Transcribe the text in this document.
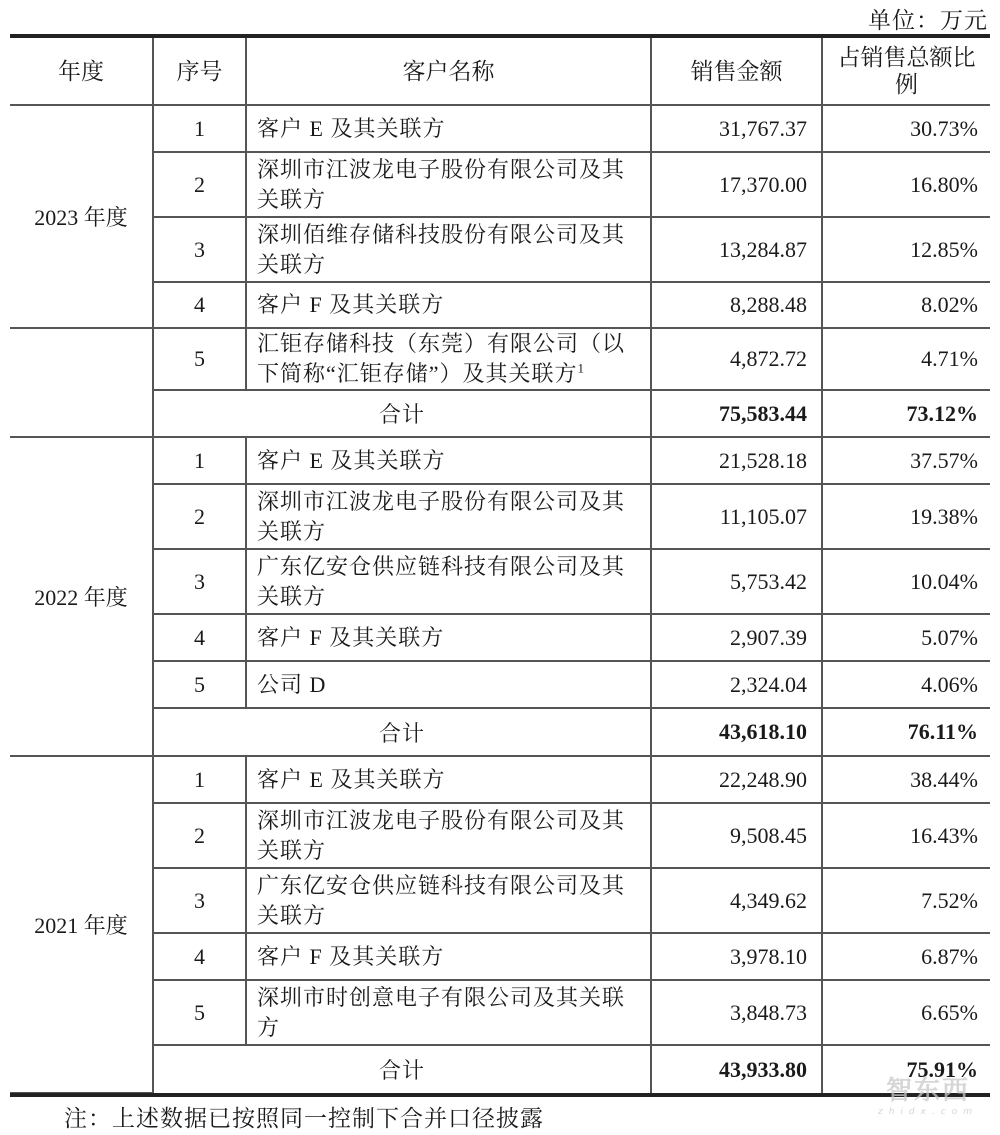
单位：万元
年度	序号	客户名称	销售金额	占销售总额比例
2023 年度	1	客户 E 及其关联方	31,767.37	30.73%
	2	深圳市江波龙电子股份有限公司及其关联方	17,370.00	16.80%
	3	深圳佰维存储科技股份有限公司及其关联方	13,284.87	12.85%
	4	客户 F 及其关联方	8,288.48	8.02%
	5	汇钜存储科技（东莞）有限公司（以下简称“汇钜存储”）及其关联方$^1$	4,872.72	4.71%
	合计		75,583.44	73.12%
2022 年度	1	客户 E 及其关联方	21,528.18	37.57%
	2	深圳市江波龙电子股份有限公司及其关联方	11,105.07	19.38%
	3	广东亿安仓供应链科技有限公司及其关联方	5,753.42	10.04%
	4	客户 F 及其关联方	2,907.39	5.07%
	5	公司 D	2,324.04	4.06%
	合计		43,618.10	76.11%
2021 年度	1	客户 E 及其关联方	22,248.90	38.44%
	2	深圳市江波龙电子股份有限公司及其关联方	9,508.45	16.43%
	3	广东亿安仓供应链科技有限公司及其关联方	4,349.62	7.52%
	4	客户 F 及其关联方	3,978.10	6.87%
	5	深圳市时创意电子有限公司及其关联方	3,848.73	6.65%
	合计		43,933.80	75.91%
注：上述数据已按照同一控制下合并口径披露
智东西
zhidx.com
